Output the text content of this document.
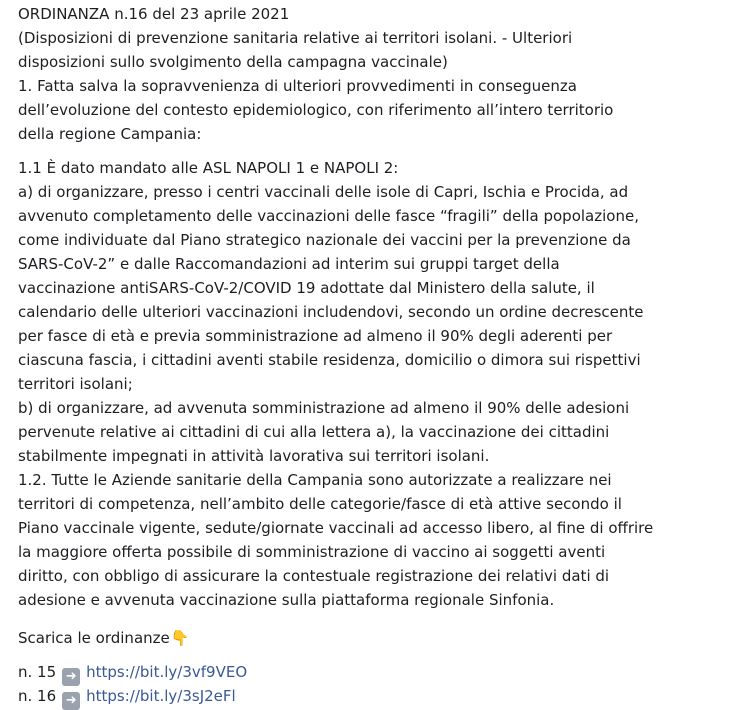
ORDINANZA n.16 del 23 aprile 2021
(Disposizioni di prevenzione sanitaria relative ai territori isolani. - Ulteriori
disposizioni sullo svolgimento della campagna vaccinale)
1. Fatta salva la sopravvenienza di ulteriori provvedimenti in conseguenza
dell’evoluzione del contesto epidemiologico, con riferimento all’intero territorio
della regione Campania:
1.1 È dato mandato alle ASL NAPOLI 1 e NAPOLI 2:
a) di organizzare, presso i centri vaccinali delle isole di Capri, Ischia e Procida, ad
avvenuto completamento delle vaccinazioni delle fasce “fragili” della popolazione,
come individuate dal Piano strategico nazionale dei vaccini per la prevenzione da
SARS-CoV-2” e dalle Raccomandazioni ad interim sui gruppi target della
vaccinazione antiSARS-CoV-2/COVID 19 adottate dal Ministero della salute, il
calendario delle ulteriori vaccinazioni includendovi, secondo un ordine decrescente
per fasce di età e previa somministrazione ad almeno il 90% degli aderenti per
ciascuna fascia, i cittadini aventi stabile residenza, domicilio o dimora sui rispettivi
territori isolani;
b) di organizzare, ad avvenuta somministrazione ad almeno il 90% delle adesioni
pervenute relative ai cittadini di cui alla lettera a), la vaccinazione dei cittadini
stabilmente impegnati in attività lavorativa sui territori isolani.
1.2. Tutte le Aziende sanitarie della Campania sono autorizzate a realizzare nei
territori di competenza, nell’ambito delle categorie/fasce di età attive secondo il
Piano vaccinale vigente, sedute/giornate vaccinali ad accesso libero, al fine di offrire
la maggiore offerta possibile di somministrazione di vaccino ai soggetti aventi
diritto, con obbligo di assicurare la contestuale registrazione dei relativi dati di
adesione e avvenuta vaccinazione sulla piattaforma regionale Sinfonia.
Scarica le ordinanze👇
n. 15 ➜ https://bit.ly/3vf9VEO
n. 16 ➜ https://bit.ly/3sJ2eFl
